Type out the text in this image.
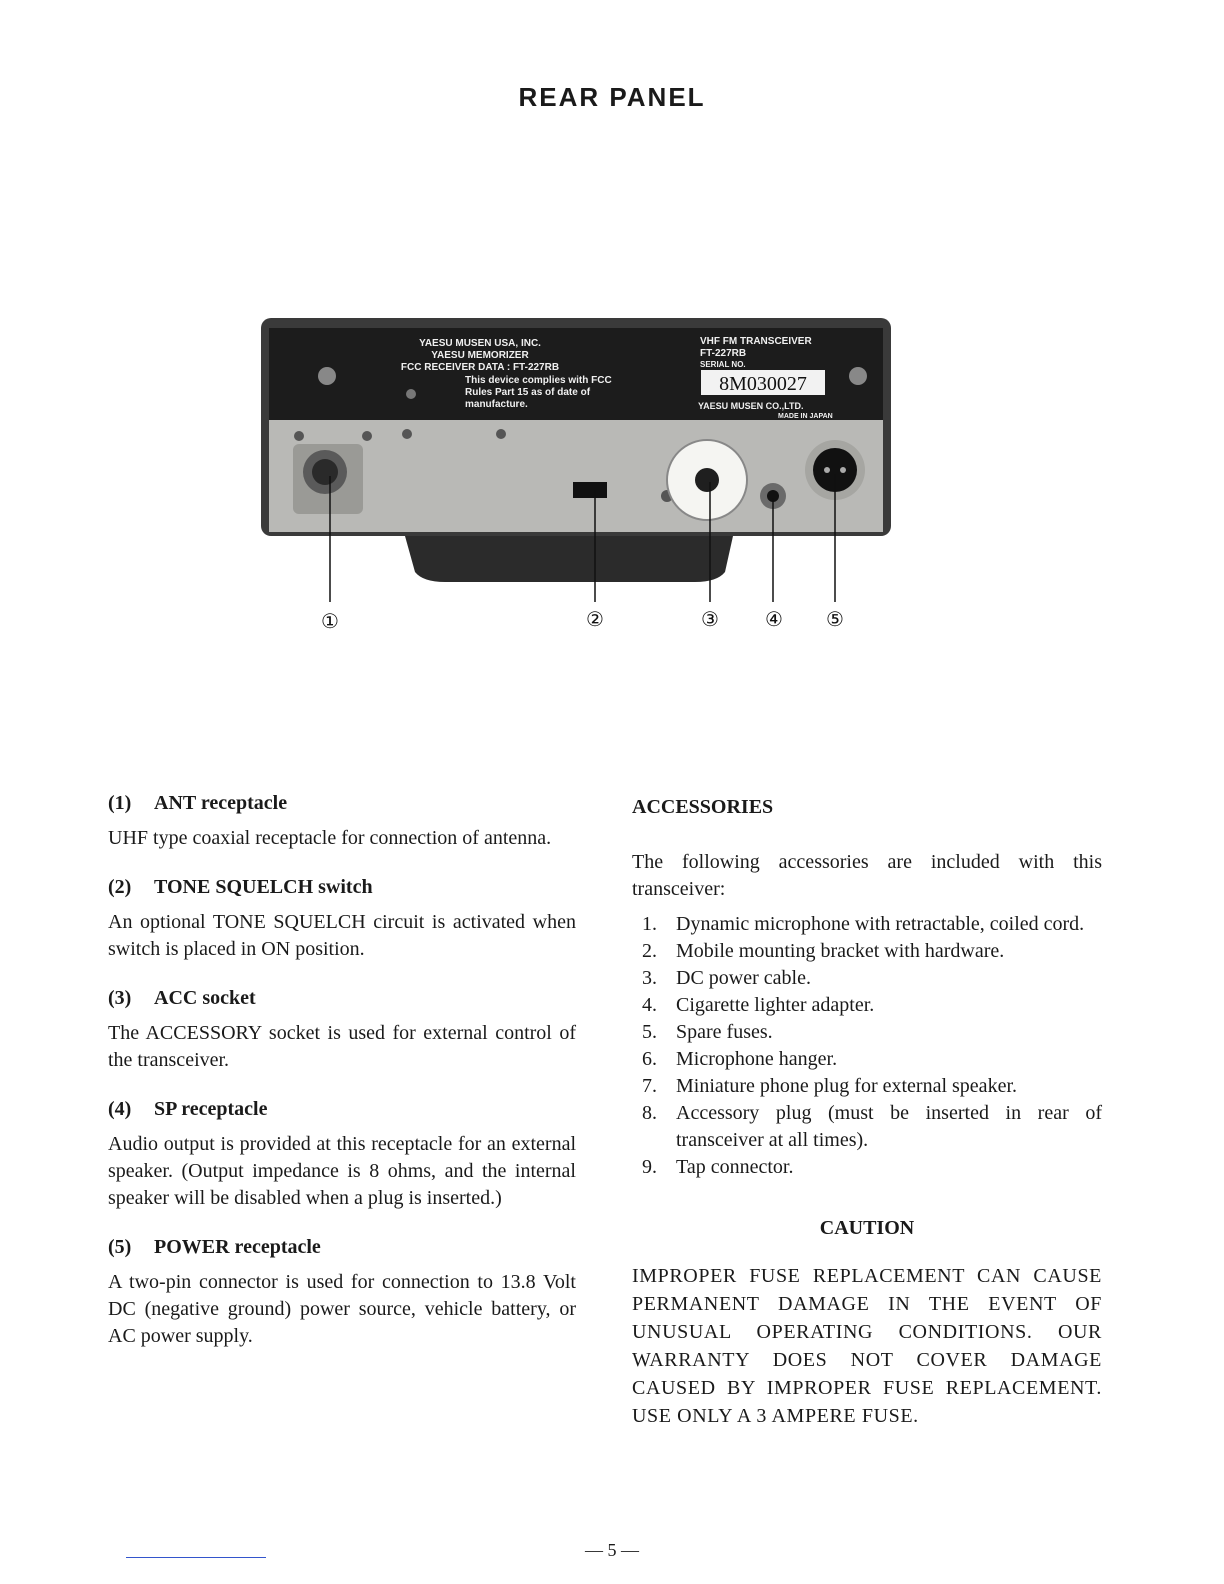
REAR PANEL
YAESU MUSEN USA, INC.
YAESU MEMORIZER
FCC RECEIVER DATA : FT-227RB
This device complies with FCC
Rules Part 15 as of date of
manufacture.
VHF FM TRANSCEIVER
FT-227RB
SERIAL NO.
YAESU MUSEN CO.,LTD.
MADE IN JAPAN
8M030027
①	②	③ ④ ⑤

(1) ANT receptacle

UHF type coaxial receptacle for connection of antenna.

(2) TONE SQUELCH switch

An optional TONE SQUELCH circuit is activated when switch is placed in ON position.

(3) ACC socket

The ACCESSORY socket is used for external control of the transceiver.

(4) SP receptacle

Audio output is provided at this receptacle for an external speaker. (Output impedance is 8 ohms, and the internal speaker will be disabled when a plug is inserted.)

(5) POWER receptacle

A two-pin connector is used for connection to 13.8 Volt DC (negative ground) power source, vehicle battery, or AC power supply.

ACCESSORIES

The following accessories are included with this transceiver:

1. Dynamic microphone with retractable, coiled cord.
2. Mobile mounting bracket with hardware.
3. DC power cable.
4. Cigarette lighter adapter.
5. Spare fuses.
6. Microphone hanger.
7. Miniature phone plug for external speaker.
8. Accessory plug (must be inserted in rear of transceiver at all times).
9. Tap connector.

CAUTION

IMPROPER FUSE REPLACEMENT CAN CAUSE PERMANENT DAMAGE IN THE EVENT OF UNUSUAL OPERATING CONDITIONS. OUR WARRANTY DOES NOT COVER DAMAGE CAUSED BY IMPROPER FUSE REPLACEMENT. USE ONLY A 3 AMPERE FUSE.

— 5 —
